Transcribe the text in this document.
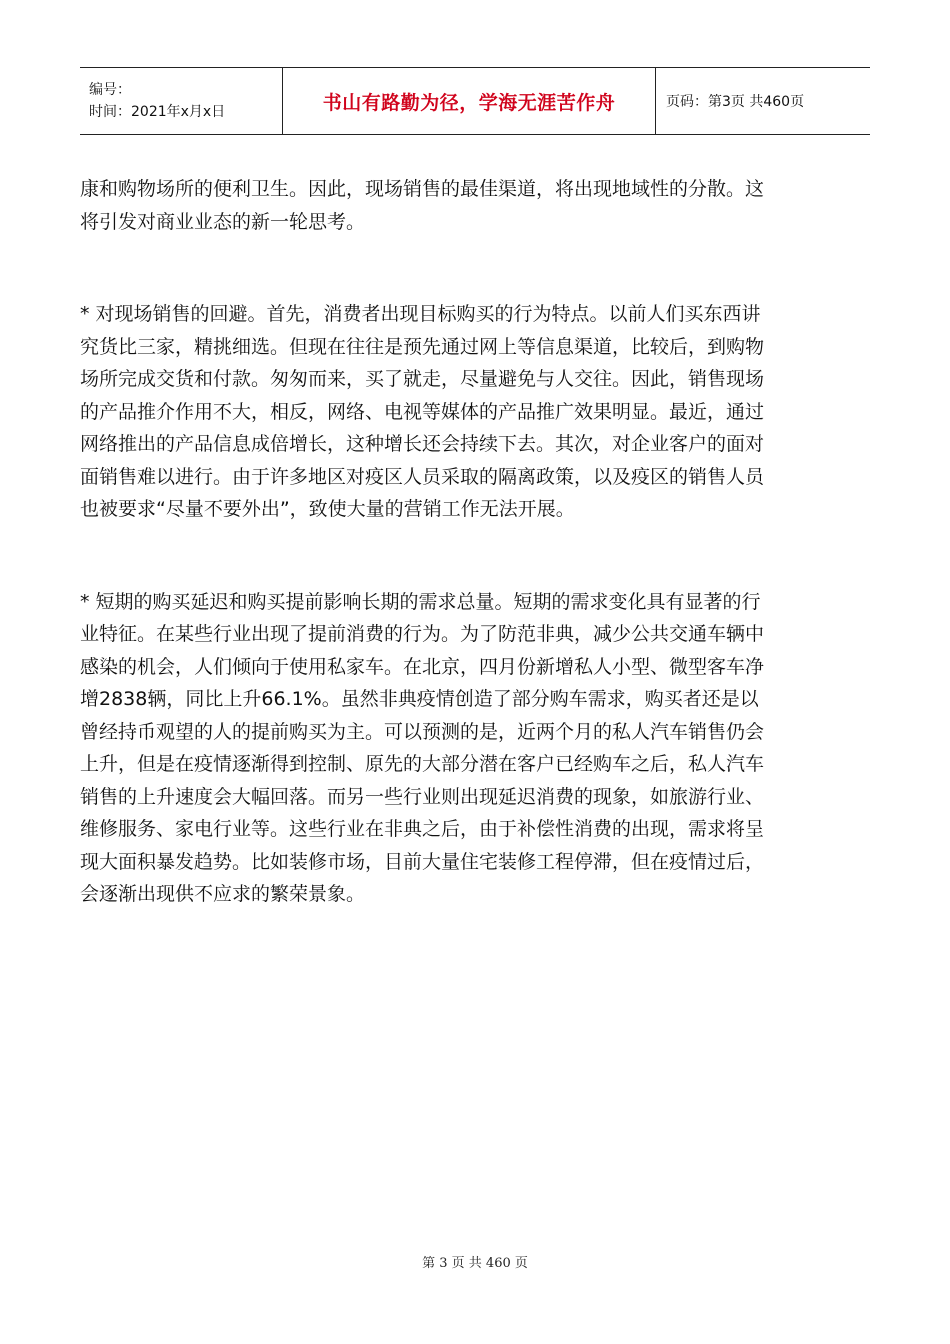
编号：
时间：2021年x月x日	书山有路勤为径，学海无涯苦作舟	页码：第3页 共460页
康和购物场所的便利卫生。因此，现场销售的最佳渠道，将出现地域性的分散。这
将引发对商业业态的新一轮思考。
* 对现场销售的回避。首先，消费者出现目标购买的行为特点。以前人们买东西讲
究货比三家，精挑细选。但现在往往是预先通过网上等信息渠道，比较后，到购物
场所完成交货和付款。匆匆而来，买了就走，尽量避免与人交往。因此，销售现场
的产品推介作用不大，相反，网络、电视等媒体的产品推广效果明显。最近，通过
网络推出的产品信息成倍增长，这种增长还会持续下去。其次，对企业客户的面对
面销售难以进行。由于许多地区对疫区人员采取的隔离政策，以及疫区的销售人员
也被要求“尽量不要外出”，致使大量的营销工作无法开展。
* 短期的购买延迟和购买提前影响长期的需求总量。短期的需求变化具有显著的行
业特征。在某些行业出现了提前消费的行为。为了防范非典，减少公共交通车辆中
感染的机会，人们倾向于使用私家车。在北京，四月份新增私人小型、微型客车净
增2838辆，同比上升66.1%。虽然非典疫情创造了部分购车需求，购买者还是以
曾经持币观望的人的提前购买为主。可以预测的是，近两个月的私人汽车销售仍会
上升，但是在疫情逐渐得到控制、原先的大部分潜在客户已经购车之后，私人汽车
销售的上升速度会大幅回落。而另一些行业则出现延迟消费的现象，如旅游行业、
维修服务、家电行业等。这些行业在非典之后，由于补偿性消费的出现，需求将呈
现大面积暴发趋势。比如装修市场，目前大量住宅装修工程停滞，但在疫情过后，
会逐渐出现供不应求的繁荣景象。
第 3 页 共 460 页
